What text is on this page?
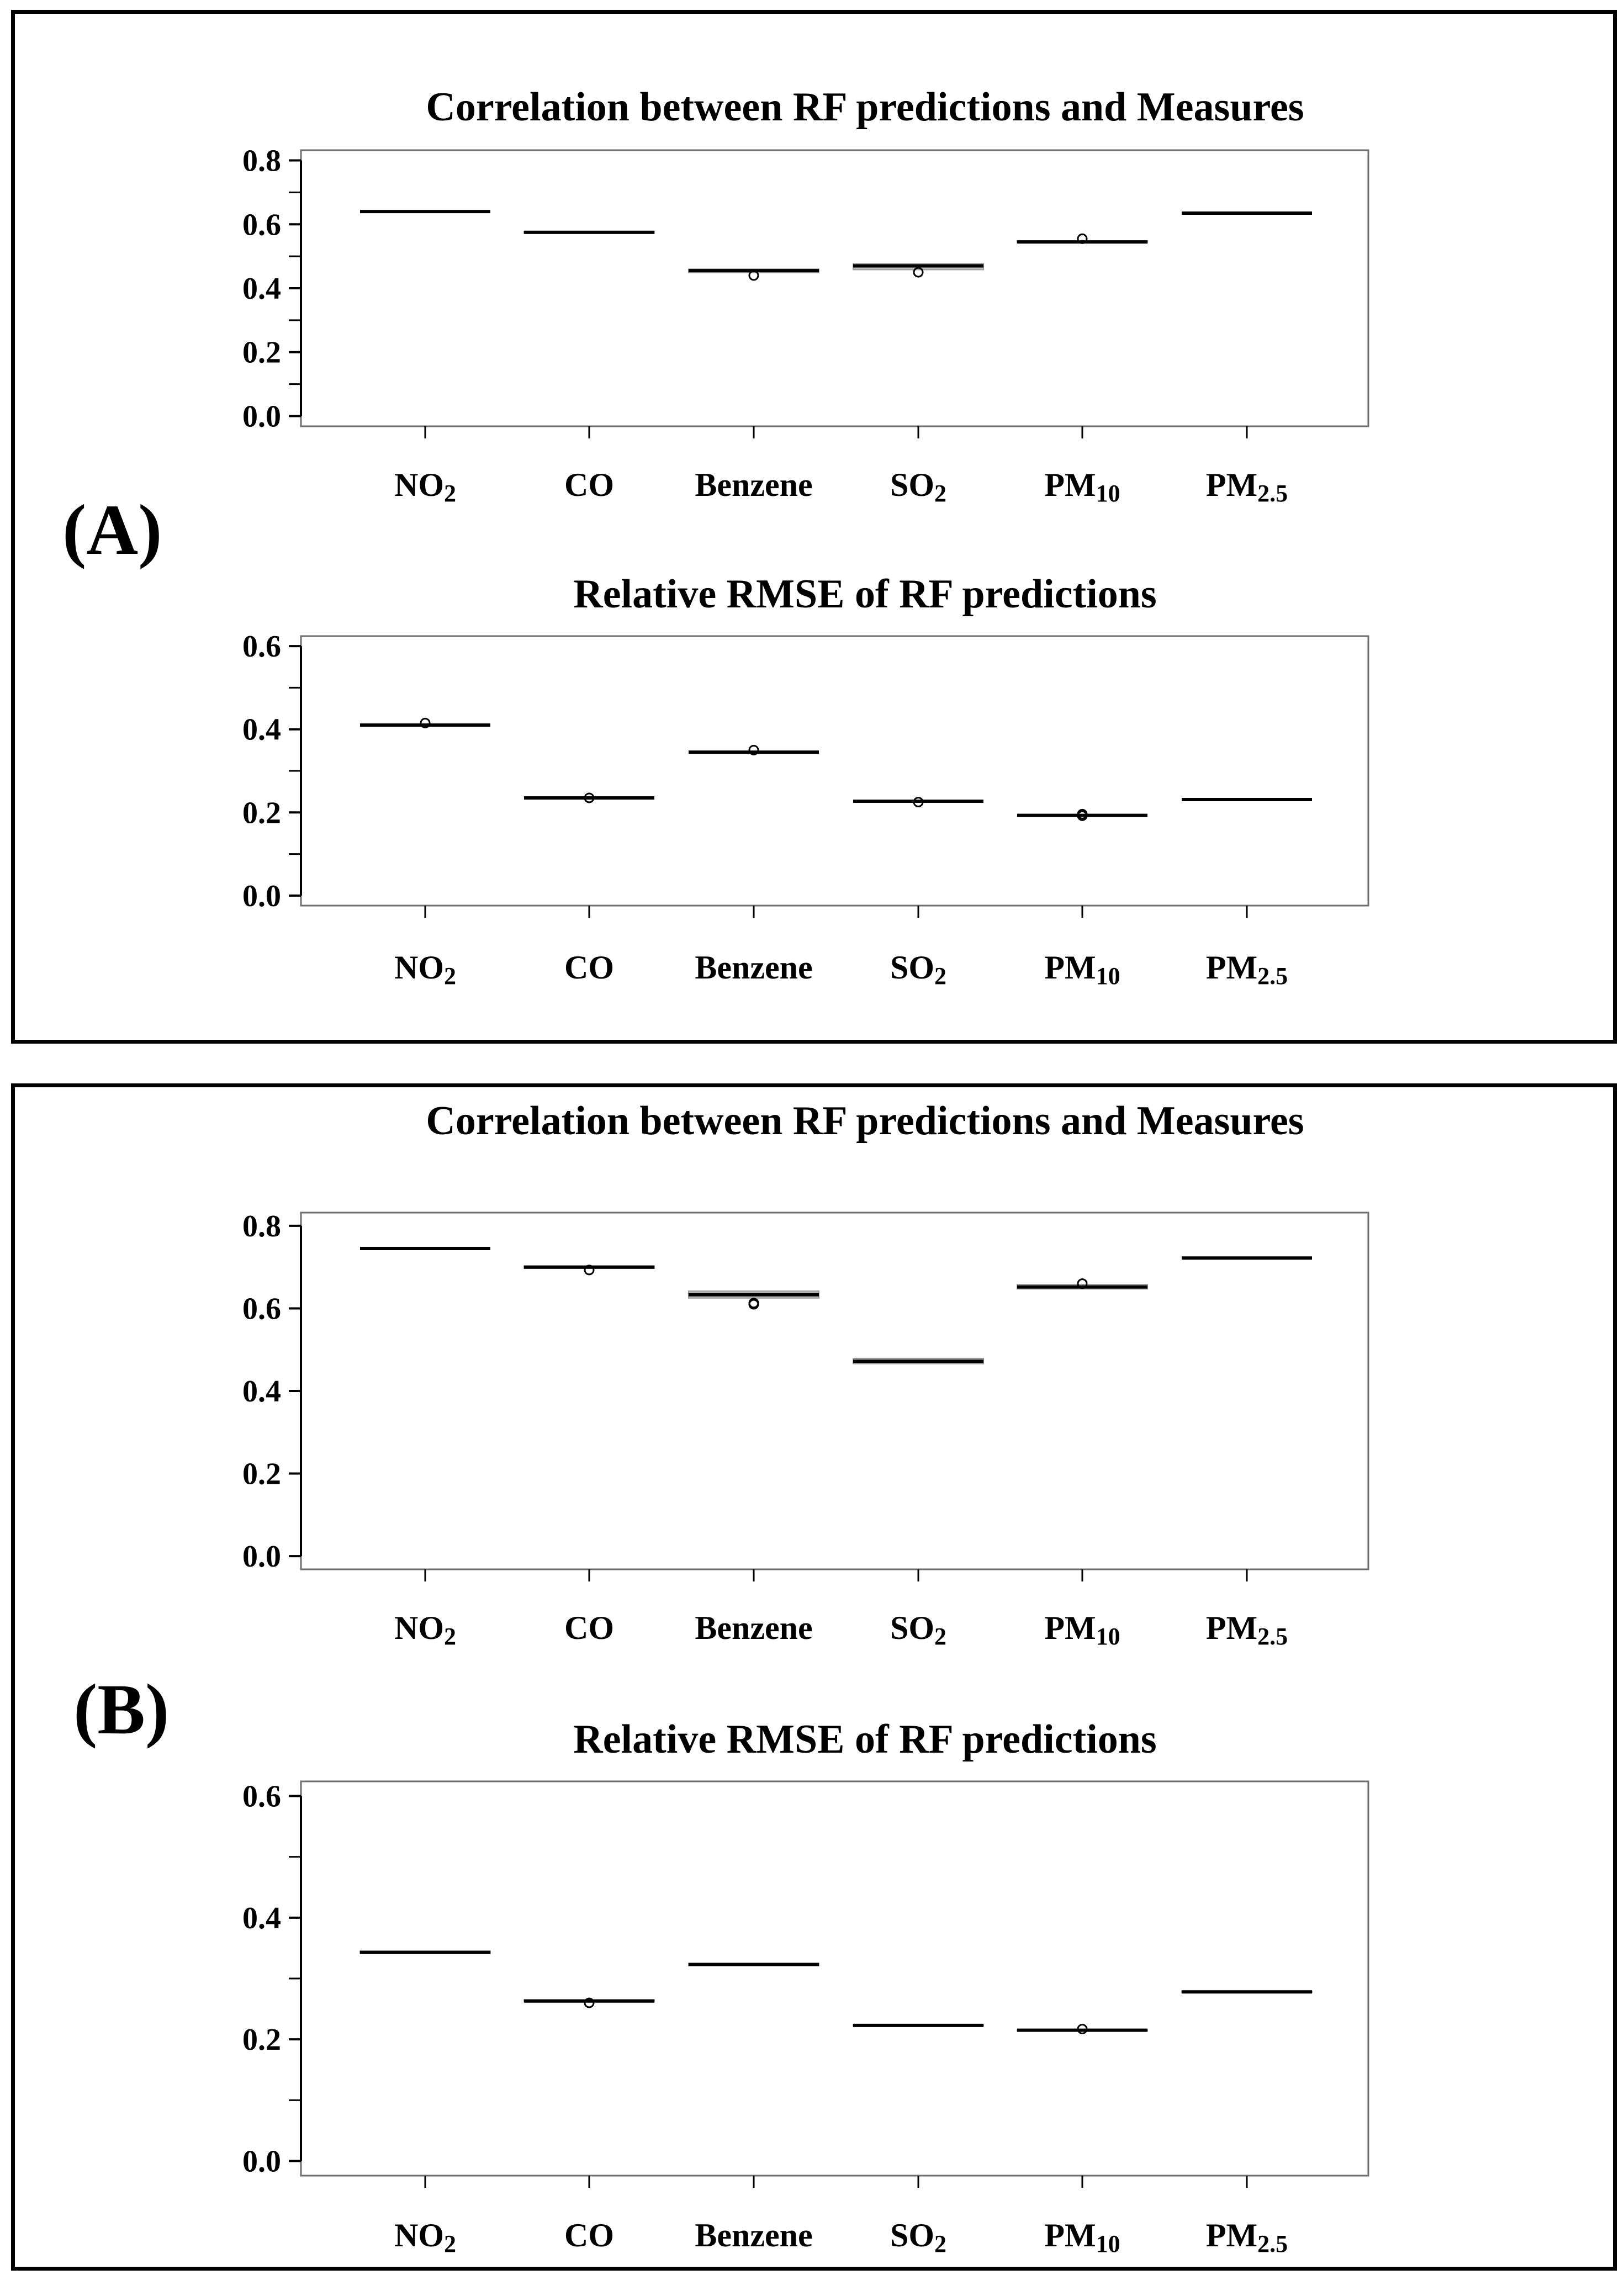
(A)
(B)
Correlation between RF predictions and Measures
0.0
0.2
0.4
0.6
0.8
NO2	CO Benzene SO2	PM10	PM2.5
Relative RMSE of RF predictions
0.0
0.2
0.4
0.6
NO2	CO Benzene SO2	PM10	PM2.5
Correlation between RF predictions and Measures
0.0
0.2
0.4
0.6
0.8
NO2	CO Benzene SO2	PM10	PM2.5
Relative RMSE of RF predictions
0.0
0.2
0.4
0.6
NO2	CO Benzene SO2	PM10	PM2.5
